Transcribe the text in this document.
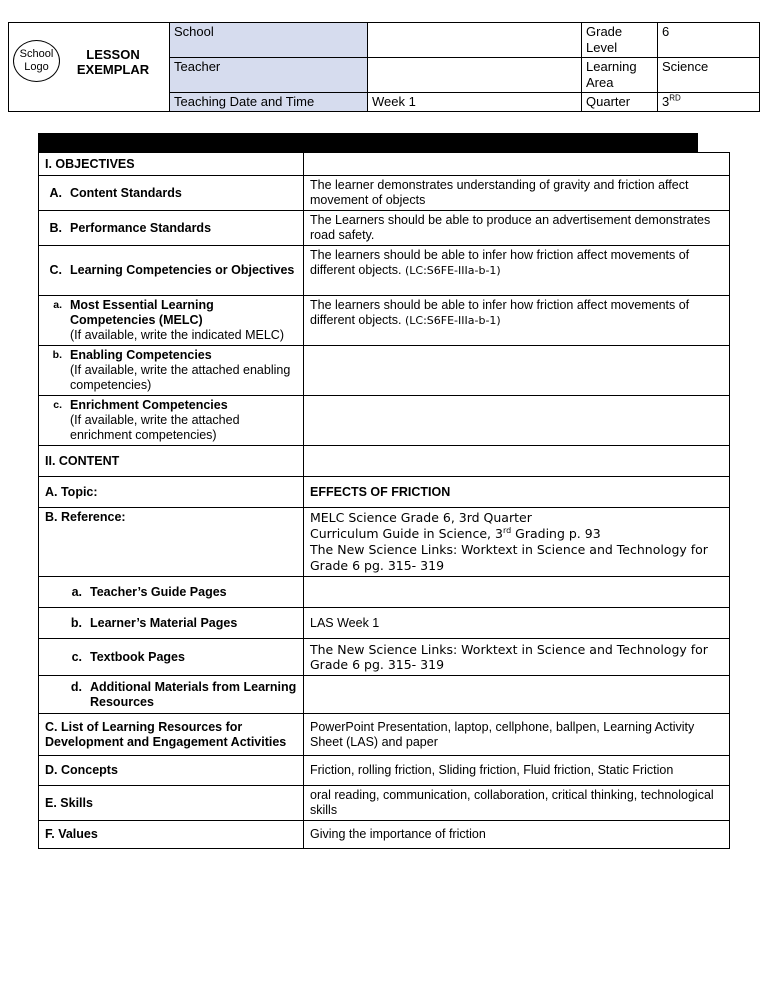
	School		Grade Level	6
	Teacher		Learning Area	Science
	Teaching Date and Time	Week 1	Quarter	3RD
School
Logo
LESSON
EXEMPLAR
I. OBJECTIVES	

A. Content Standards	The learner demonstrates understanding of gravity and friction affect movement of objects

B. Performance Standards	The Learners should be able to produce an advertisement demonstrates road safety.

C. Learning Competencies or Objectives	The learners should be able to infer how friction affect movements of different objects. (LC:S6FE-IIIa-b-1)

a. Most Essential Learning Competencies (MELC)
(If available, write the indicated MELC)	The learners should be able to infer how friction affect movements of different objects. (LC:S6FE-IIIa-b-1)

b. Enabling Competencies
(If available, write the attached enabling competencies)	

c. Enrichment Competencies
(If available, write the attached enrichment competencies)	

II. CONTENT	
A. Topic:	EFFECTS OF FRICTION
B. Reference:	MELC Science Grade 6, 3rd Quarter
Curriculum Guide in Science, 3rd Grading p. 93
The New Science Links: Worktext in Science and Technology for Grade 6 pg. 315- 319

a. Teacher’s Guide Pages	

b. Learner’s Material Pages	LAS Week 1

c. Textbook Pages	The New Science Links: Worktext in Science and Technology for Grade 6 pg. 315- 319

d. Additional Materials from Learning Resources	

C. List of Learning Resources for Development and Engagement Activities	PowerPoint Presentation, laptop, cellphone, ballpen, Learning Activity Sheet (LAS) and paper
D. Concepts	Friction, rolling friction, Sliding friction, Fluid friction, Static Friction
E. Skills	oral reading, communication, collaboration, critical thinking, technological skills
F. Values	Giving the importance of friction
